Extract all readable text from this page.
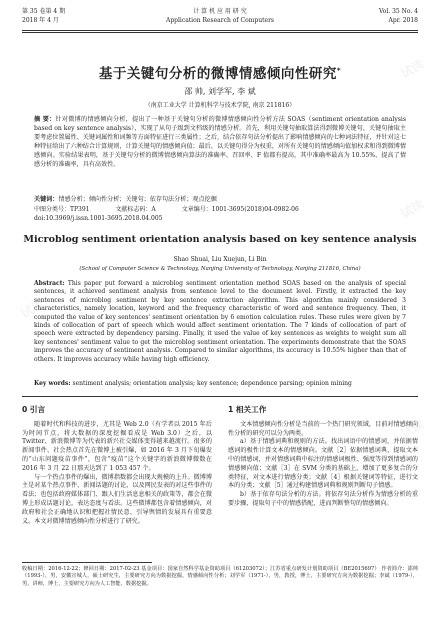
第 35 卷第 4 期
2018 年 4 月
计 算 机 应 用 研 究
Application Research of Computers
Vol. 35 No. 4
Apr. 2018
基于关键句分析的微博情感倾向性研究*
邵 帅, 刘学军, 李 斌
（南京工业大学 计算机科学与技术学院, 南京 211816）
摘 要：针对微博的情感倾向分析，提出了一种基于关键句分析的微博情感倾向性分析方法 SOAS（sentiment orientation analysis based on key sentence analysis），实现了从句子级到文档级的情感分析。首先，利用关键句抽取算法得到微博关键句，关键句抽取主要考虑位置属性、关键词属性和词频等方面特征进行三类属性；之后，结合依存句法分析提出了影响情感倾向的七种词法特征，并针对这七种特征给出了六种结合计算规则，计算关键句的情感倾向值；最后，以关键句得分为权重，对所有关键句的情感倾向值加权求和得到微博情感倾向。实验结果表明，基于关键句分析的微博情感倾向算法的准确率、召回率、F 值都有提高，其中准确率最高为 10.55%，提高了情感分析的准确率，具有高效性。
关键词：情感分析；倾向性分析；关键句；依存句法分析；观点挖掘
中图分类号：TP391	文献标志码：A	文章编号：1001-3695(2018)04-0982-06
doi:10.3969/j.issn.1001-3695.2018.04.005
Microblog sentiment orientation analysis based on key sentence analysis
Shao Shuai, Liu Xuejun, Li Bin
(School of Computer Science & Technology, Nanjing University of Technology, Nanjing 211816, China)
Abstract: This paper put forward a microblog sentiment orientation method SOAS based on the analysis of special sentences, it achieved sentiment analysis from sentence level to the document level. Firstly, it extracted the key sentences of microblog sentiment by key sentence extraction algorithm. This algorithm mainly considered 3 characteristics, namely location, keyword and the frequency characteristic of word and sentence frequency. Then, it computed the value of key sentences' sentiment orientation by 6 emotion calculation rules. These rules were given by 7 kinds of collocation of part of speech which would affect sentiment orientation. The 7 kinds of collocation of part of speech were extracted by dependency parsing. Finally, it used the value of key sentences as weights to weight sum all key sentences' sentiment value to get the microblog sentiment orientation. The experiments demonstrate that the SOAS improves the accuracy of sentiment analysis. Compared to similar algorithms, its accuracy is 10.55% higher than that of others. It improves accuracy while having high efficiency.
Key words: sentiment analysis; orientation analysis; key sentence; dependence parsing; opinion mining
0 引言

随着时代和科技的进步，尤其是 Web 2.0（有学者以 2015 年后为时间节点，将大数据的深度挖掘看成是 Web 3.0）之后，以 Twitter、新浪微博等为代表的新兴社交媒体变得越来越流行。很多的新闻事件、社会热点首先在微博上被引爆，如 2016 年 3 月下旬爆发的“山东问题疫苗事件”，包含“疫苗”这个关键字的新浪微博微数在 2016 年 3 月 22 日那天达到了 1 053 457 个。

与一个热点事件的爆出，微博指数都会出现大规模的上升。微博博主是对某个热点事件、新闻话题的讨论，以及网民发表的对这些事件的看法；也包括政府媒体部门、跟人们生活息息相关的政策等，都会在微博上形成话题讨论，表达态度与看法。这些微博都包含着情感倾向，对政府和社会正确地认识和把握社情民意、引导舆情的发展具有重要意义。本文对微博情感倾向性分析进行了研究。

1 相关工作

文本情感倾向性分析是当前的一个热门研究领域，目前对情感倾向性分析的研究可以分为两类。

a）基于情感词典和规则的方法。找出词语中的情感词，并依据情感词的极性计算文本的情感倾向。文献［2］依据情感词典，提取文本中的情感词，并对情感词典中标注的情感词极性、强度等得到情感词的情感倾向值；文献［3］在 SVM 分类的基础上，增加了更多复合的分类特征，对文本进行情感分类；文献［4］根据关键词等特征，进行文本的分类；文献［5］通过构建情感词典和规则判断句子情感。

b）基于依存句法分析的方法。将依存句法分析作为情感分析的重要步骤，提取句子中的情感搭配，进而判断整句的情感倾向。

收稿日期：2016-12-22；修回日期：2017-02-23 基金项目：国家自然科学基金资助项目（61203072）；江苏省重点研发计划资助项目（BE2015697） 作者简介：邵帅（1993-），男，安徽宣城人，硕士研究生，主要研究方向为数据挖掘、情感倾向性分析；刘学军（1971-），男，教授，博士，主要研究方向为数据挖掘；李斌（1979-），男，讲师，博士，主要研究方向为人工智能、数据挖掘。
试读
试读
试读
试读
